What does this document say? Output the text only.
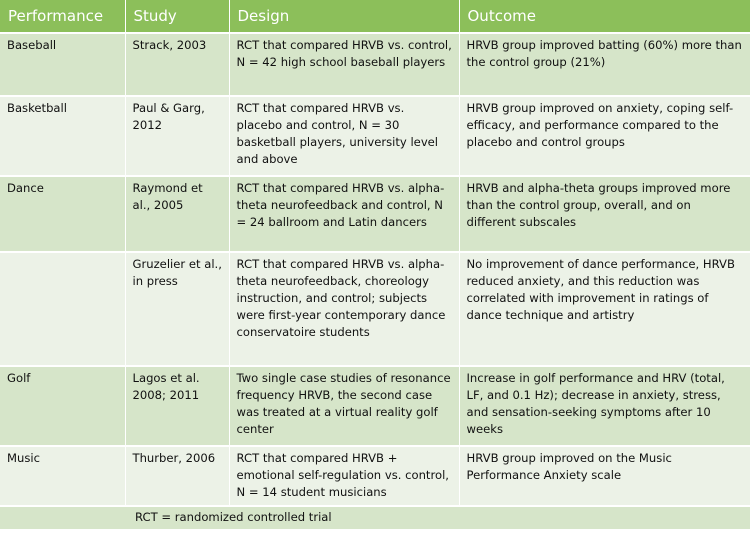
Performance	Study	Design	Outcome
Baseball	Strack, 2003	RCT that compared HRVB vs. control, N = 42 high school baseball players	HRVB group improved batting (60%) more than the control group (21%)
Basketball	Paul & Garg, 2012	RCT that compared HRVB vs. placebo and control, N = 30 basketball players, university level and above	HRVB group improved on anxiety, coping self-efficacy, and performance compared to the placebo and control groups
Dance	Raymond et al., 2005	RCT that compared HRVB vs. alpha-theta neurofeedback and control, N = 24 ballroom and Latin dancers	HRVB and alpha-theta groups improved more than the control group, overall, and on different subscales
	Gruzelier et al., in press	RCT that compared HRVB vs. alpha-theta neurofeedback, choreology instruction, and control; subjects were first-year contemporary dance conservatoire students	No improvement of dance performance, HRVB reduced anxiety, and this reduction was correlated with improvement in ratings of dance technique and artistry
Golf	Lagos et al. 2008; 2011	Two single case studies of resonance frequency HRVB, the second case was treated at a virtual reality golf center	Increase in golf performance and HRV (total, LF, and 0.1 Hz); decrease in anxiety, stress, and sensation-seeking symptoms after 10 weeks
Music	Thurber, 2006	RCT that compared HRVB + emotional self-regulation vs. control, N = 14 student musicians	HRVB group improved on the Music Performance Anxiety scale
RCT = randomized controlled trial			
